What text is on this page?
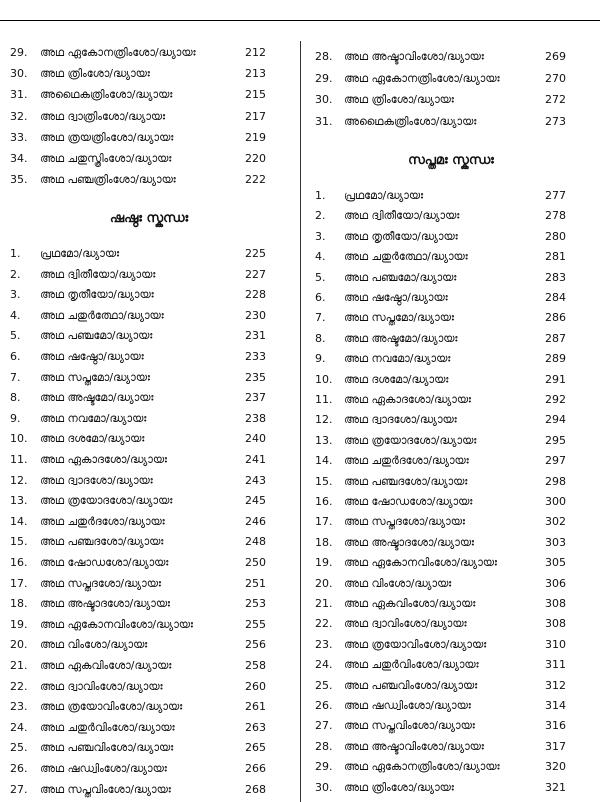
29. അഥ ഏകോനത്രിംശോ/ദ്ധ്യായഃ	212
30. അഥ ത്രിംശോ/ദ്ധ്യായഃ	213
31. അഥൈകത്രിംശോ/ദ്ധ്യായഃ	215
32. അഥ ദ്വാത്രിംശോ/ദ്ധ്യായഃ	217
33. അഥ ത്രയത്രിംശോ/ദ്ധ്യായഃ	219
34. അഥ ചതുസ്ത്രിംശോ/ദ്ധ്യായഃ	220
35. അഥ പഞ്ചത്രിംശോ/ദ്ധ്യായഃ	222
ഷഷ്ഠഃ സ്കന്ധഃ
1. പ്രഥമോ/ദ്ധ്യായഃ	225
2. അഥ ദ്വിതീയോ/ദ്ധ്യായഃ	227
3. അഥ തൃതീയോ/ദ്ധ്യായഃ	228
4. അഥ ചതുർത്ഥോ/ദ്ധ്യായഃ	230
5. അഥ പഞ്ചമോ/ദ്ധ്യായഃ	231
6. അഥ ഷഷ്ഠോ/ദ്ധ്യായഃ	233
7. അഥ സപ്തമോ/ദ്ധ്യായഃ	235
8. അഥ അഷ്ടമോ/ദ്ധ്യായഃ	237
9. അഥ നവമോ/ദ്ധ്യായഃ	238
10. അഥ ദശമോ/ദ്ധ്യായഃ	240
11. അഥ ഏകാദശോ/ദ്ധ്യായഃ	241
12. അഥ ദ്വാദശോ/ദ്ധ്യായഃ	243
13. അഥ ത്രയോദശോ/ദ്ധ്യായഃ	245
14. അഥ ചതുർദശോ/ദ്ധ്യായഃ	246
15. അഥ പഞ്ചദശോ/ദ്ധ്യായഃ	248
16. അഥ ഷോഡശോ/ദ്ധ്യായഃ	250
17. അഥ സപ്തദശോ/ദ്ധ്യായഃ	251
18. അഥ അഷ്ടാദശോ/ദ്ധ്യായഃ	253
19. അഥ ഏകോനവിംശോ/ദ്ധ്യായഃ	255
20. അഥ വിംശോ/ദ്ധ്യായഃ	256
21. അഥ ഏകവിംശോ/ദ്ധ്യായഃ	258
22. അഥ ദ്വാവിംശോ/ദ്ധ്യായഃ	260
23. അഥ ത്രയോവിംശോ/ദ്ധ്യായഃ	261
24. അഥ ചതുർവിംശോ/ദ്ധ്യായഃ	263
25. അഥ പഞ്ചവിംശോ/ദ്ധ്യായഃ	265
26. അഥ ഷഡ്വിംശോ/ദ്ധ്യായഃ	266
27. അഥ സപ്തവിംശോ/ദ്ധ്യായഃ	268
28. അഥ അഷ്ടാവിംശോ/ദ്ധ്യായഃ	269
29. അഥ ഏകോനത്രിംശോ/ദ്ധ്യായഃ	270
30. അഥ ത്രിംശോ/ദ്ധ്യായഃ	272
31. അഥൈകത്രിംശോ/ദ്ധ്യായഃ	273
സപ്തമഃ സ്കന്ധഃ
1. പ്രഥമോ/ദ്ധ്യായഃ	277
2. അഥ ദ്വിതീയോ/ദ്ധ്യായഃ	278
3. അഥ തൃതീയോ/ദ്ധ്യായഃ	280
4. അഥ ചതുർത്ഥോ/ദ്ധ്യായഃ	281
5. അഥ പഞ്ചമോ/ദ്ധ്യായഃ	283
6. അഥ ഷഷ്ഠോ/ദ്ധ്യായഃ	284
7. അഥ സപ്തമോ/ദ്ധ്യായഃ	286
8. അഥ അഷ്ടമോ/ദ്ധ്യായഃ	287
9. അഥ നവമോ/ദ്ധ്യായഃ	289
10. അഥ ദശമോ/ദ്ധ്യായഃ	291
11. അഥ ഏകാദശോ/ദ്ധ്യായഃ	292
12. അഥ ദ്വാദശോ/ദ്ധ്യായഃ	294
13. അഥ ത്രയോദശോ/ദ്ധ്യായഃ	295
14. അഥ ചതുർദശോ/ദ്ധ്യായഃ	297
15. അഥ പഞ്ചദശോ/ദ്ധ്യായഃ	298
16. അഥ ഷോഡശോ/ദ്ധ്യായഃ	300
17. അഥ സപ്തദശോ/ദ്ധ്യായഃ	302
18. അഥ അഷ്ടാദശോ/ദ്ധ്യായഃ	303
19. അഥ ഏകോനവിംശോ/ദ്ധ്യായഃ	305
20. അഥ വിംശോ/ദ്ധ്യായഃ	306
21. അഥ ഏകവിംശോ/ദ്ധ്യായഃ	308
22. അഥ ദ്വാവിംശോ/ദ്ധ്യായഃ	308
23. അഥ ത്രയോവിംശോ/ദ്ധ്യായഃ	310
24. അഥ ചതുർവിംശോ/ദ്ധ്യായഃ	311
25. അഥ പഞ്ചവിംശോ/ദ്ധ്യായഃ	312
26. അഥ ഷഡ്വിംശോ/ദ്ധ്യായഃ	314
27. അഥ സപ്തവിംശോ/ദ്ധ്യായഃ	316
28. അഥ അഷ്ടാവിംശോ/ദ്ധ്യായഃ	317
29. അഥ ഏകോനത്രിംശോ/ദ്ധ്യായഃ	320
30. അഥ ത്രിംശോ/ദ്ധ്യായഃ	321
